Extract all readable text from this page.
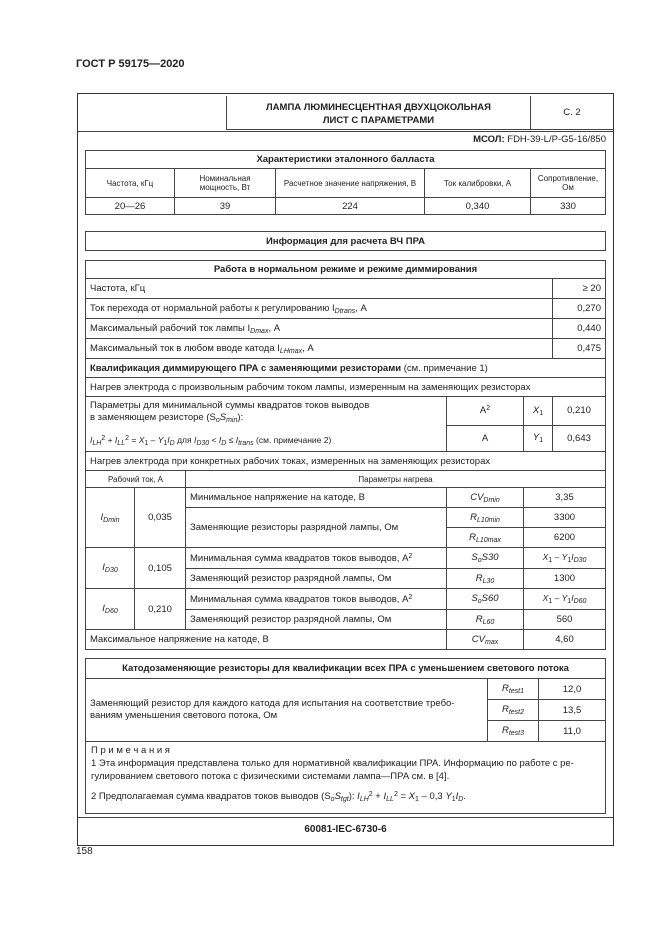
ГОСТ Р 59175—2020
ЛАМПА ЛЮМИНЕСЦЕНТНАЯ ДВУХЦОКОЛЬНАЯ
ЛИСТ С ПАРАМЕТРАМИ
С. 2
МСОЛ: FDH-39-L/P-G5-16/850
Характеристики эталонного балласта				
Частота, кГц	Номинальная мощность, Вт	Расчетное значение напряжения, В	Ток калибровки, А	Сопротивление, Ом
20—26	39	224	0,340	330
Информация для расчета ВЧ ПРА
Работа в нормальном режиме и режиме диммирования	
Частота, кГц	≥ 20
Ток перехода от нормальной работы к регулированию $I_{Dtrans}$, А	0,270
Максимальный рабочий ток лампы $I_{Dmax}$, А	0,440
Максимальный ток в любом вводе катода $I_{LHmax}$, А	0,475
Квалификация диммирующего ПРА с заменяющими резисторами (см. примечание 1)					
Нагрев электрода с произвольным рабочим током лампы, измеренным на заменяющих резисторах					

Параметры для минимальной суммы квадратов токов выводов
в заменяющем резисторе $(S_oS_{min})$:
$I_{LH}^2 + I_{LL}^2 = X_1 - Y_1I_D$ для $I_{D30} < I_D \le I_{trans}$ (см. примечание 2)			$A^2$	$X_1$	0,210
			A	$Y_1$	0,643
Нагрев электрода при конкретных рабочих токах, измеренных на заменяющих резисторах					
Рабочий ток, А		Параметры нагрева			
$I_{Dmin}$	0,035	Минимальное напряжение на катоде, В	$CV_{Dmin}$	3,35	
		Заменяющие резисторы разрядной лампы, Ом	$R_{L10min}$	3300	
			$R_{L10max}$	6200	
$I_{D30}$	0,105	Минимальная сумма квадратов токов выводов, $A^2$	$S_oS30$	$X_1 - Y_1I_{D30}$
		Заменяющий резистор разрядной лампы, Ом	$R_{L30}$	1300	
$I_{D60}$	0,210	Минимальная сумма квадратов токов выводов, $A^2$	$S_oS60$	$X_1 - Y_1I_{D60}$
		Заменяющий резистор разрядной лампы, Ом	$R_{L60}$	560	
Максимальное напряжение на катоде, В			$CV_{max}$	4,60	
Катодозаменяющие резисторы для квалификации всех ПРА с уменьшением светового потока		

Заменяющий резистор для каждого катода для испытания на соответствие требо-
ваниям уменьшения светового потока, Ом	$R_{test1}$	12,0
	$R_{test2}$	13,5
	$R_{test3}$	11,0
П р и м е ч а н и я
1 Эта информация представлена только для нормативной квалификации ПРА. Информацию по работе с ре-
гулированием светового потока с физическими системами лампа—ПРА см. в [4].
2 Предполагаемая сумма квадратов токов выводов $(S_oS_{tgt})$: $I_{LH}^2 + I_{LL}^2 = X_1 - 0,3$ $Y_1I_D$.
60081-IEC-6730-6
158
